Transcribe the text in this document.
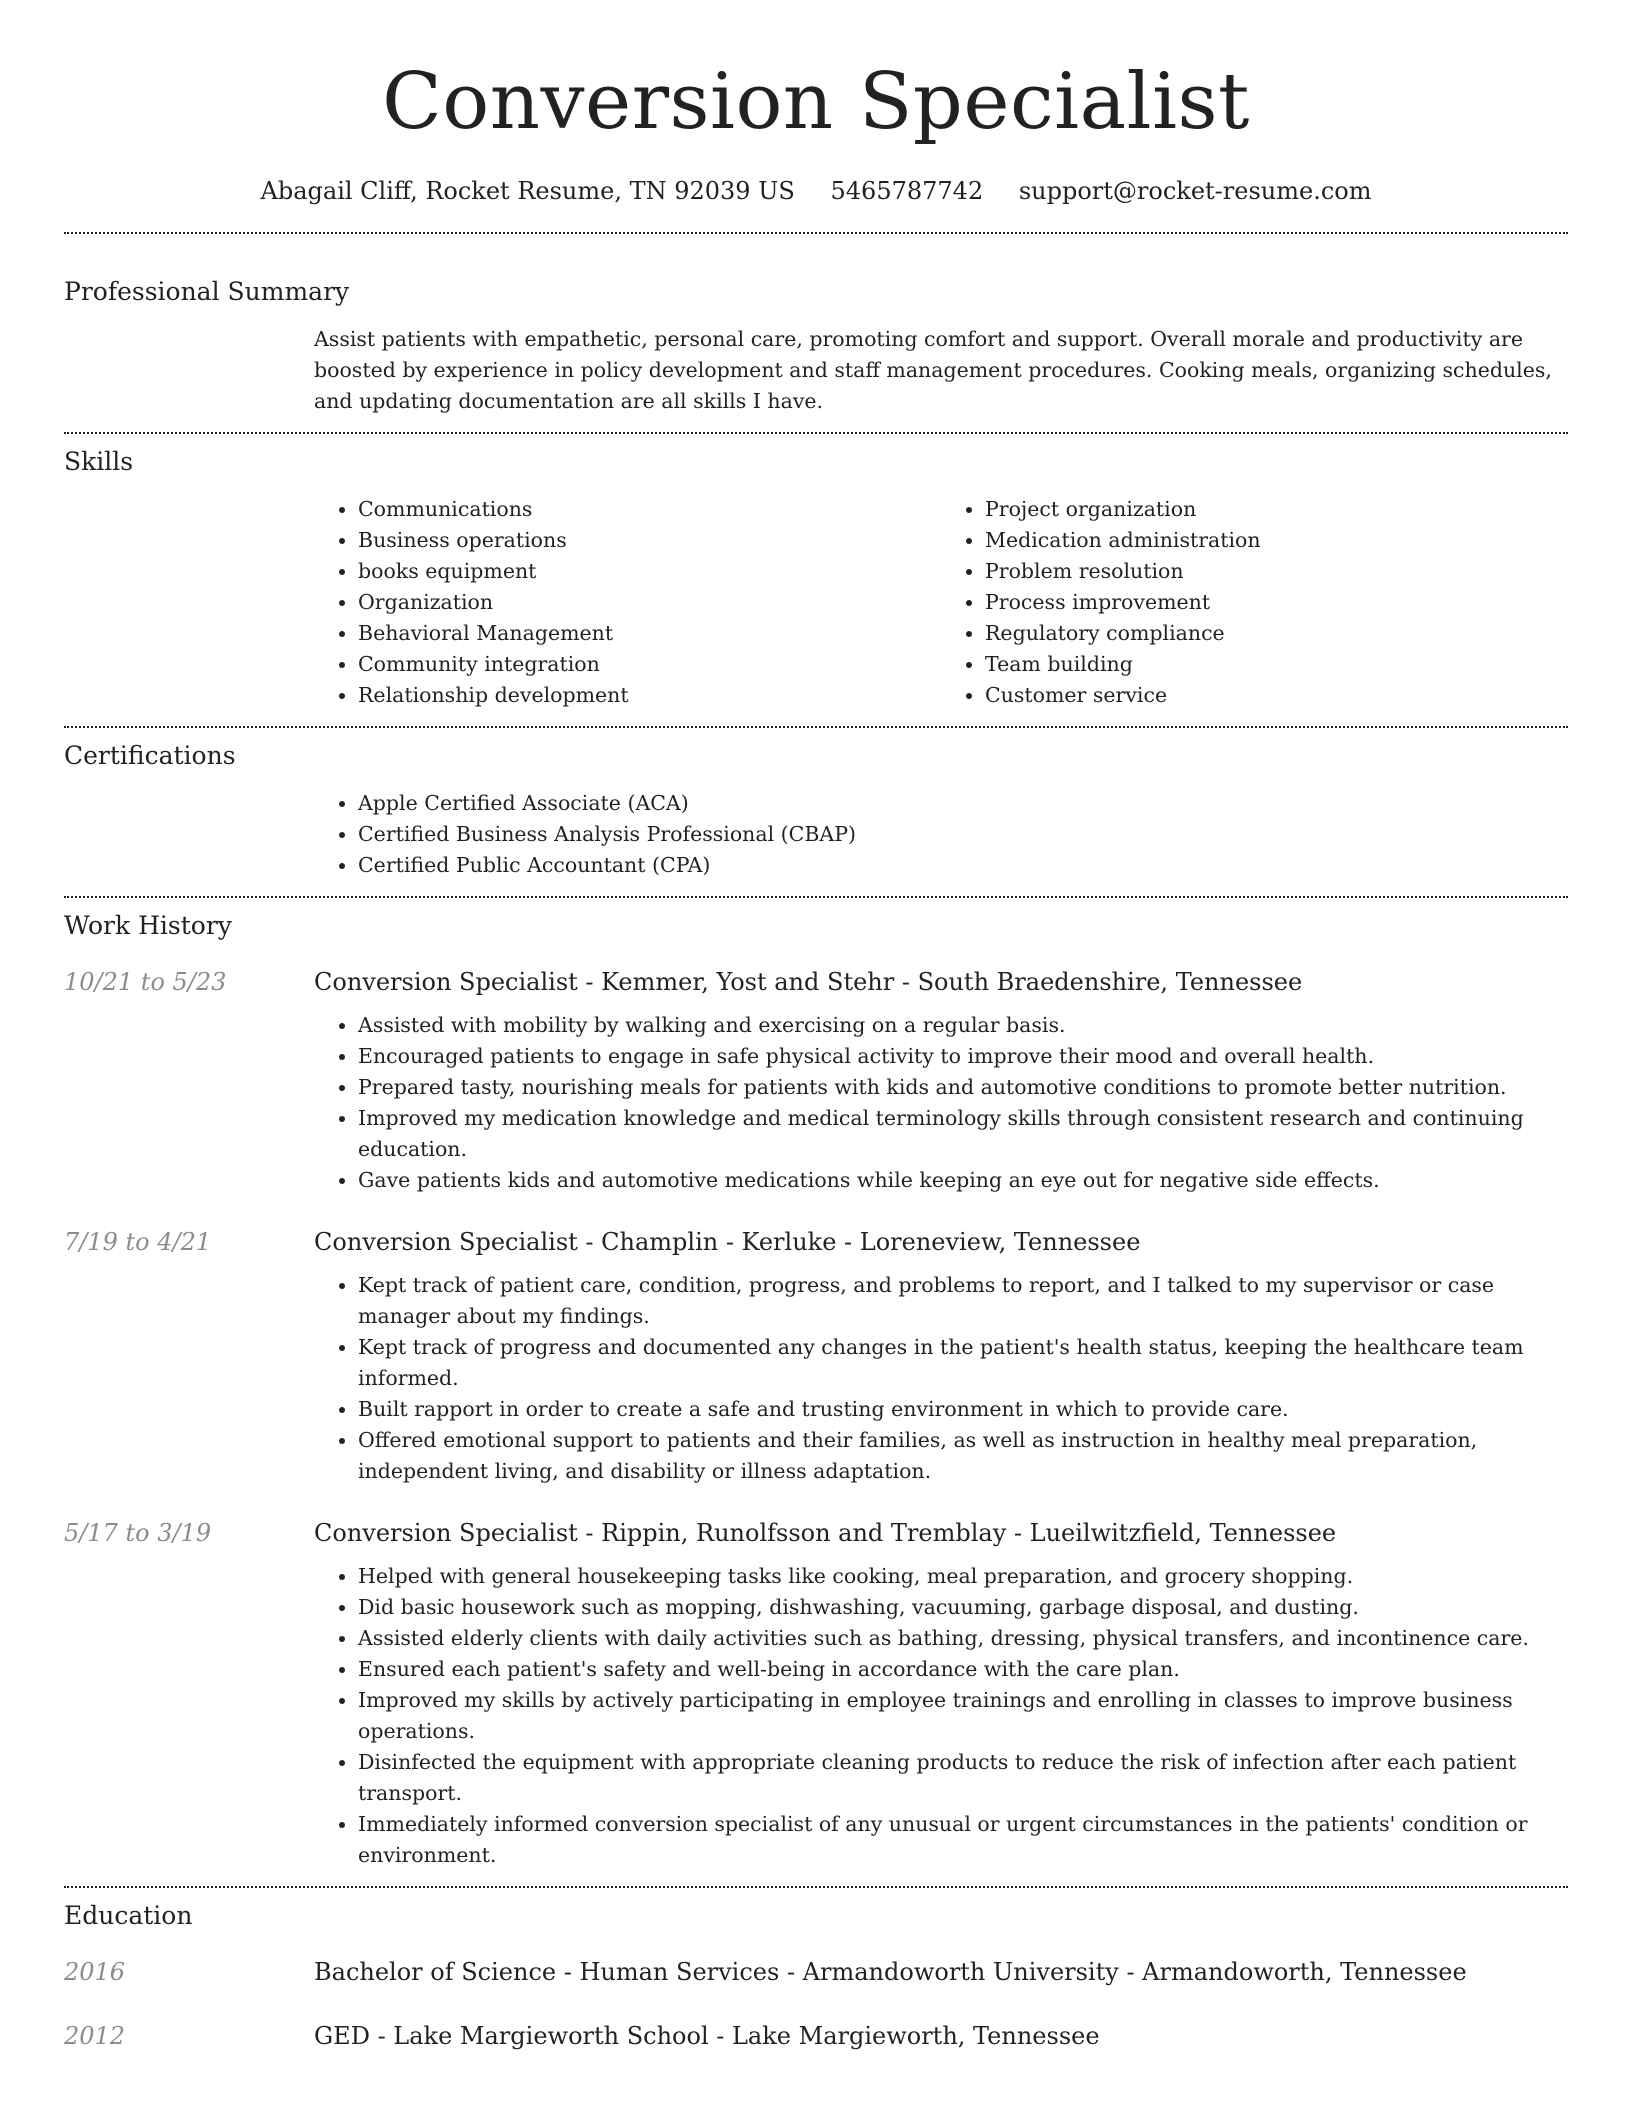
Conversion Specialist
Abagail Cliff, Rocket Resume, TN 92039 US 5465787742 support@rocket-resume.com
Professional Summary

Assist patients with empathetic, personal care, promoting comfort and support. Overall morale and productivity are boosted by experience in policy development and staff management procedures. Cooking meals, organizing schedules, and updating documentation are all skills I have.

Skills
• Communications
• Business operations
• books equipment
• Organization
• Behavioral Management
• Community integration
• Relationship development
• Project organization
• Medication administration
• Problem resolution
• Process improvement
• Regulatory compliance
• Team building
• Customer service
Certifications
• Apple Certified Associate (ACA)
• Certified Business Analysis Professional (CBAP)
• Certified Public Accountant (CPA)
Work History
10/21 to 5/23	Conversion Specialist - Kemmer, Yost and Stehr - South Braedenshire, Tennessee
• Assisted with mobility by walking and exercising on a regular basis.
• Encouraged patients to engage in safe physical activity to improve their mood and overall health.
• Prepared tasty, nourishing meals for patients with kids and automotive conditions to promote better nutrition.
• Improved my medication knowledge and medical terminology skills through consistent research and continuing education.
• Gave patients kids and automotive medications while keeping an eye out for negative side effects.
7/19 to 4/21	Conversion Specialist - Champlin - Kerluke - Loreneview, Tennessee
• Kept track of patient care, condition, progress, and problems to report, and I talked to my supervisor or case manager about my findings.
• Kept track of progress and documented any changes in the patient's health status, keeping the healthcare team informed.
• Built rapport in order to create a safe and trusting environment in which to provide care.
• Offered emotional support to patients and their families, as well as instruction in healthy meal preparation, independent living, and disability or illness adaptation.
5/17 to 3/19	Conversion Specialist - Rippin, Runolfsson and Tremblay - Lueilwitzfield, Tennessee
• Helped with general housekeeping tasks like cooking, meal preparation, and grocery shopping.
• Did basic housework such as mopping, dishwashing, vacuuming, garbage disposal, and dusting.
• Assisted elderly clients with daily activities such as bathing, dressing, physical transfers, and incontinence care.
• Ensured each patient's safety and well-being in accordance with the care plan.
• Improved my skills by actively participating in employee trainings and enrolling in classes to improve business operations.
• Disinfected the equipment with appropriate cleaning products to reduce the risk of infection after each patient transport.
• Immediately informed conversion specialist of any unusual or urgent circumstances in the patients' condition or environment.
Education
2016	Bachelor of Science - Human Services - Armandoworth University - Armandoworth, Tennessee
2012	GED - Lake Margieworth School - Lake Margieworth, Tennessee
